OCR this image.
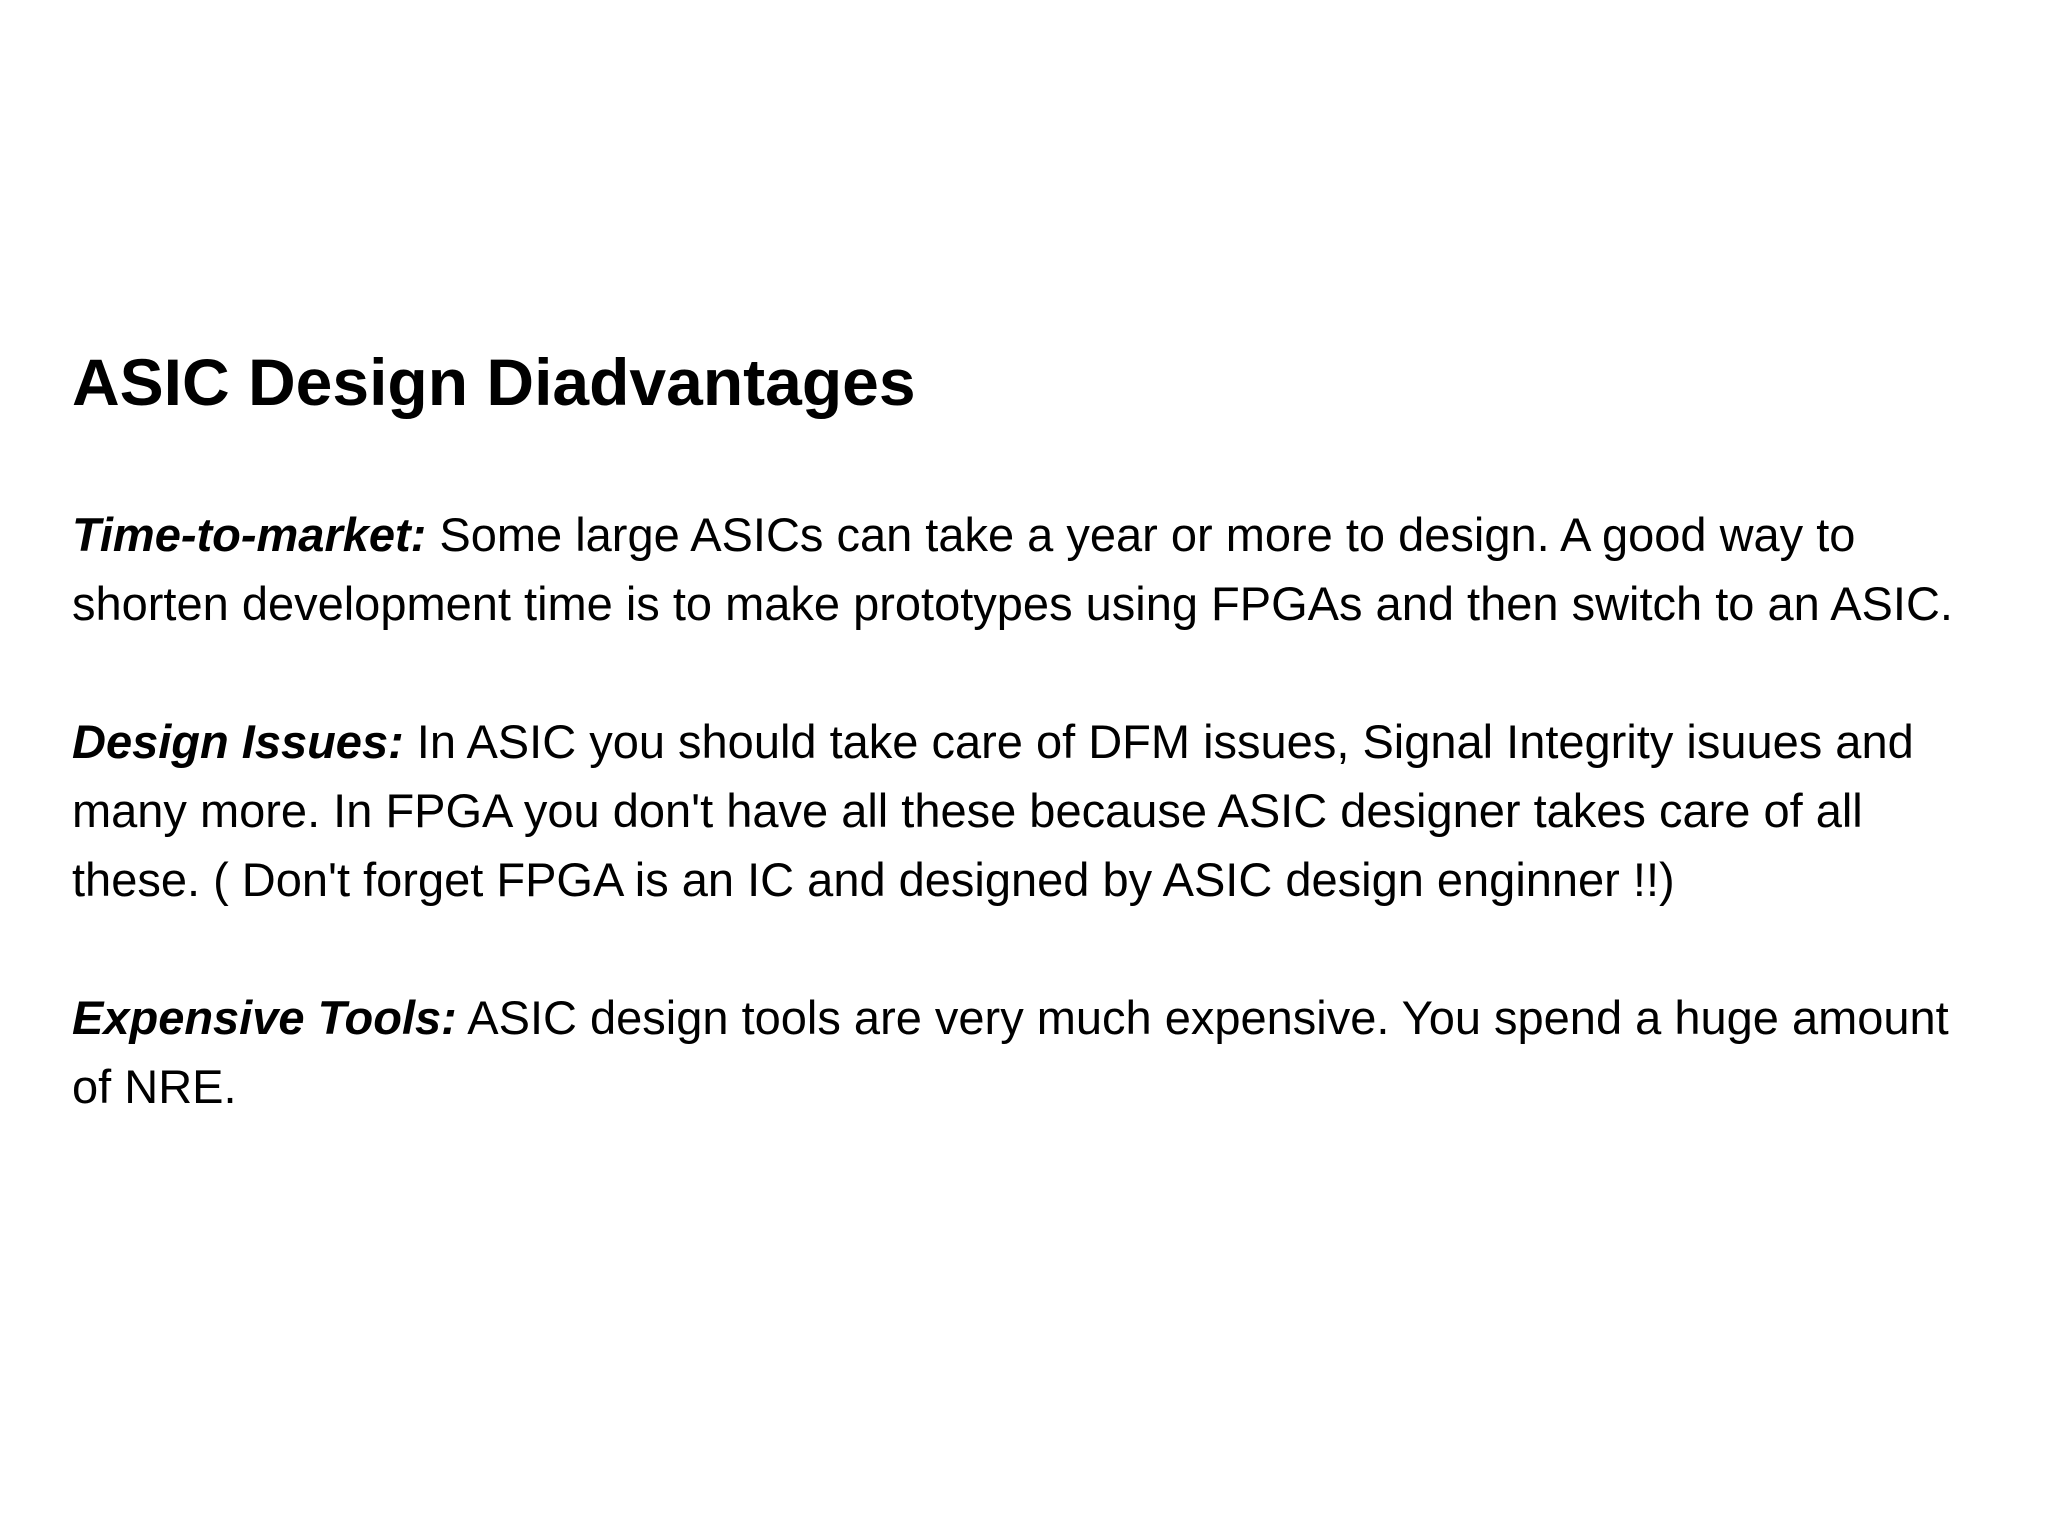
ASIC Design Diadvantages

Time-to-market: Some large ASICs can take a year or more to design. A good way to shorten development time is to make prototypes using FPGAs and then switch to an ASIC.

Design Issues: In ASIC you should take care of DFM issues, Signal Integrity isuues and many more. In FPGA you don't have all these because ASIC designer takes care of all these. ( Don't forget FPGA is an IC and designed by ASIC design enginner !!)

Expensive Tools: ASIC design tools are very much expensive. You spend a huge amount of NRE.
